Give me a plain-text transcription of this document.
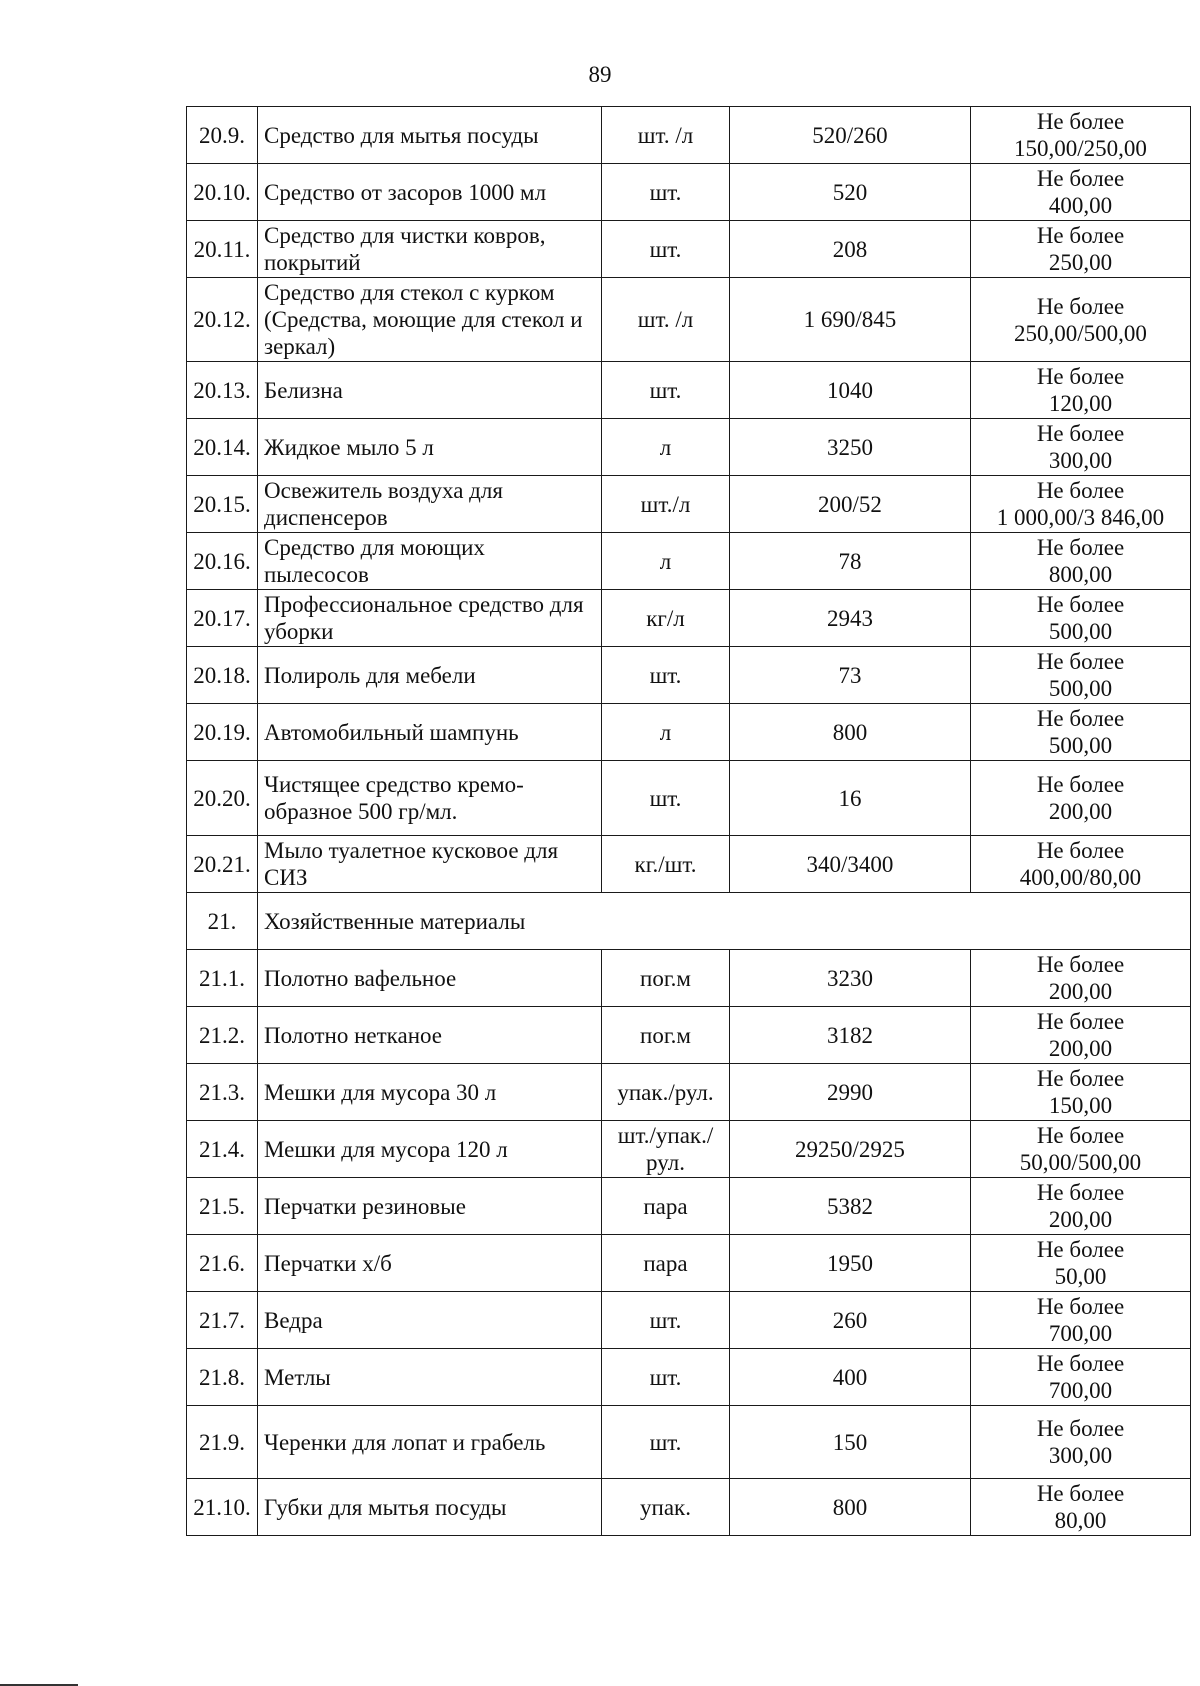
89
20.9.	Средство для мытья посуды	шт. /л	520/260	Не более
150,00/250,00

20.10.	Средство от засоров 1000 мл	шт.	520	Не более
400,00

20.11.	Средство для чистки ковров, покрытий	шт.	208	Не более
250,00

20.12.	Средство для стекол с курком (Средства, моющие для стекол и зеркал)	шт. /л	1 690/845	Не более
250,00/500,00

20.13.	Белизна	шт.	1040	Не более
120,00

20.14.	Жидкое мыло 5 л	л	3250	Не более
300,00

20.15.	Освежитель воздуха для диспенсеров	шт./л	200/52	Не более
1 000,00/3 846,00

20.16.	Средство для моющих пылесосов	л	78	Не более
800,00

20.17.	Профессиональное средство для уборки	кг/л	2943	Не более
500,00

20.18.	Полироль для мебели	шт.	73	Не более
500,00

20.19.	Автомобильный шампунь	л	800	Не более
500,00

20.20.	Чистящее средство кремо-образное 500 гр/мл.	шт.	16	Не более
200,00

20.21.	Мыло туалетное кусковое для СИЗ	кг./шт.	340/3400	Не более
400,00/80,00

21.	Хозяйственные материалы			
21.1.	Полотно вафельное	пог.м	3230	Не более
200,00

21.2.	Полотно нетканое	пог.м	3182	Не более
200,00

21.3.	Мешки для мусора 30 л	упак./рул.	2990	Не более
150,00

21.4.	Мешки для мусора 120 л	шт./упак./ рул.	29250/2925	Не более
50,00/500,00

21.5.	Перчатки резиновые	пара	5382	Не более
200,00

21.6.	Перчатки х/б	пара	1950	Не более
50,00

21.7.	Ведра	шт.	260	Не более
700,00

21.8.	Метлы	шт.	400	Не более
700,00

21.9.	Черенки для лопат и грабель	шт.	150	Не более
300,00

21.10.	Губки для мытья посуды	упак.	800	Не более
80,00
